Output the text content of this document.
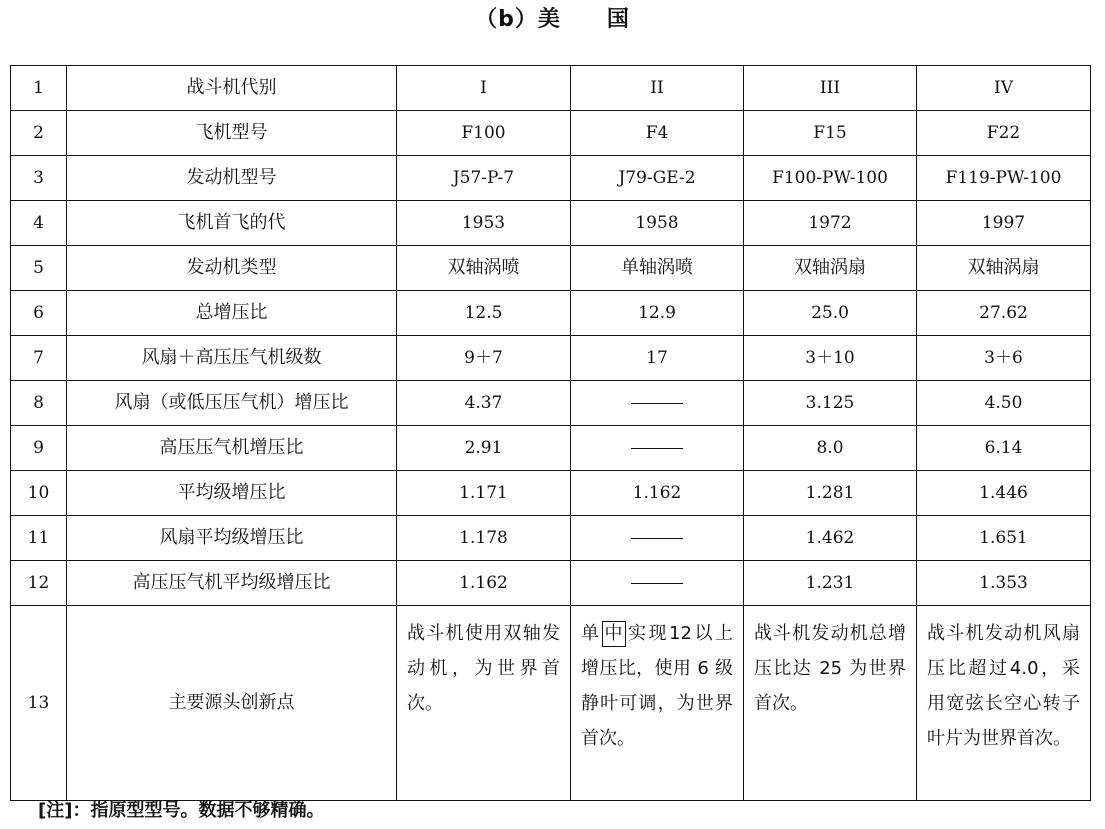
（b）美　　国
1	战斗机代别	I	II	III	IV
2	飞机型号	F100	F4	F15	F22
3	发动机型号	J57-P-7	J79-GE-2	F100-PW-100	F119-PW-100
4	飞机首飞的代	1953	1958	1972	1997
5	发动机类型	双轴涡喷	单轴涡喷	双轴涡扇	双轴涡扇
6	总增压比	12.5	12.9	25.0	27.62
7	风扇＋高压压气机级数	9＋7	17	3＋10	3＋6
8	风扇（或低压压气机）增压比	4.37		3.125	4.50
9	高压压气机增压比	2.91		8.0	6.14
10	平均级增压比	1.171	1.162	1.281	1.446
11	风扇平均级增压比	1.178		1.462	1.651
12	高压压气机平均级增压比	1.162		1.231	1.353
13	主要源头创新点	战斗机使用双轴发动机，为世界首次。	单 中 实现12以上增压比，使用 6 级静叶可调，为世界首次。	战斗机发动机总增压比达 25 为世界首次。	战斗机发动机风扇压比超过4.0，采用宽弦长空心转子叶片为世界首次。
[注]：指原型型号。数据不够精确。
